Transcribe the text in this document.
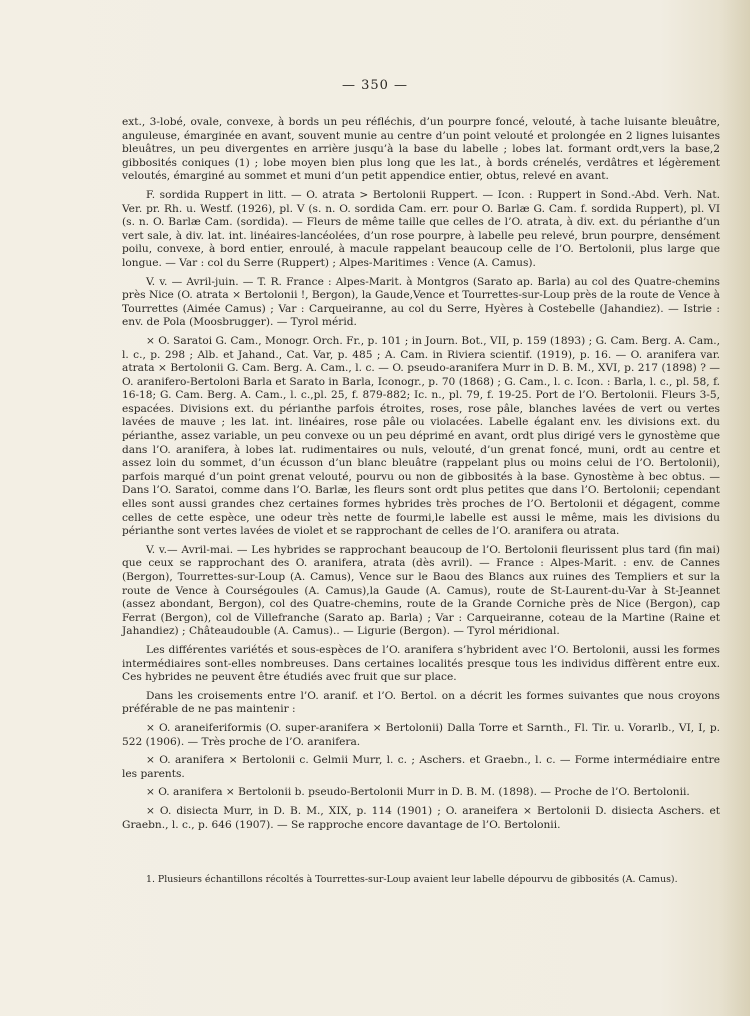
— 350 —

ext., 3-lobé, ovale, convexe, à bords un peu réfléchis, d’un pourpre foncé, velouté, à tache luisante bleuâtre, anguleuse, émarginée en avant, souvent munie au centre d’un point velouté et prolongée en 2 lignes luisantes bleuâtres, un peu divergentes en arrière jusqu’à la base du labelle ; lobes lat. formant ordt,vers la base,2 gibbosités coniques (1) ; lobe moyen bien plus long que les lat., à bords crénelés, verdâtres et légèrement veloutés, émarginé au sommet et muni d’un petit appendice entier, obtus, relevé en avant.

F. sordida Ruppert in litt. — O. atrata > Bertolonii Ruppert. — Icon. : Ruppert in Sond.-Abd. Verh. Nat. Ver. pr. Rh. u. Westf. (1926), pl. V (s. n. O. sordida Cam. err. pour O. Barlæ G. Cam. f. sordida Ruppert), pl. VI (s. n. O. Barlæ Cam. (sordida). — Fleurs de même taille que celles de l’O. atrata, à div. ext. du périanthe d’un vert sale, à div. lat. int. linéaires-lancéolées, d’un rose pourpre, à labelle peu relevé, brun pourpre, densément poilu, convexe, à bord entier, enroulé, à macule rappelant beaucoup celle de l’O. Bertolonii, plus large que longue. — Var : col du Serre (Ruppert) ; Alpes-Maritimes : Vence (A. Camus).

V. v. — Avril-juin. — T. R. France : Alpes-Marit. à Montgros (Sarato ap. Barla) au col des Quatre-chemins près Nice (O. atrata × Bertolonii !, Bergon), la Gaude,Vence et Tourrettes-sur-Loup près de la route de Vence à Tourrettes (Aimée Camus) ; Var : Carqueiranne, au col du Serre, Hyères à Costebelle (Jahandiez). — Istrie : env. de Pola (Moosbrugger). — Tyrol mérid.

× O. Saratoi G. Cam., Monogr. Orch. Fr., p. 101 ; in Journ. Bot., VII, p. 159 (1893) ; G. Cam. Berg. A. Cam., l. c., p. 298 ; Alb. et Jahand., Cat. Var, p. 485 ; A. Cam. in Riviera scientif. (1919), p. 16. — O. aranifera var. atrata × Bertolonii G. Cam. Berg. A. Cam., l. c. — O. pseudo-aranifera Murr in D. B. M., XVI, p. 217 (1898) ? — O. aranifero-Bertoloni Barla et Sarato in Barla, Iconogr., p. 70 (1868) ; G. Cam., l. c. Icon. : Barla, l. c., pl. 58, f. 16-18; G. Cam. Berg. A. Cam., l. c.,pl. 25, f. 879-882; Ic. n., pl. 79, f. 19-25. Port de l’O. Bertolonii. Fleurs 3-5, espacées. Divisions ext. du périanthe parfois étroites, roses, rose pâle, blanches lavées de vert ou vertes lavées de mauve ; les lat. int. linéaires, rose pâle ou violacées. Labelle égalant env. les divisions ext. du périanthe, assez variable, un peu convexe ou un peu déprimé en avant, ordt plus dirigé vers le gynostème que dans l’O. aranifera, à lobes lat. rudimentaires ou nuls, velouté, d’un grenat foncé, muni, ordt au centre et assez loin du sommet, d’un écusson d’un blanc bleuâtre (rappelant plus ou moins celui de l’O. Bertolonii), parfois marqué d’un point grenat velouté, pourvu ou non de gibbosités à la base. Gynostème à bec obtus. — Dans l’O. Saratoi, comme dans l’O. Barlæ, les fleurs sont ordt plus petites que dans l’O. Bertolonii; cependant elles sont aussi grandes chez certaines formes hybrides très proches de l’O. Bertolonii et dégagent, comme celles de cette espèce, une odeur très nette de fourmi,le labelle est aussi le même, mais les divisions du périanthe sont vertes lavées de violet et se rapprochant de celles de l’O. aranifera ou atrata.

V. v.— Avril-mai. — Les hybrides se rapprochant beaucoup de l’O. Bertolonii fleurissent plus tard (fin mai) que ceux se rapprochant des O. aranifera, atrata (dès avril). — France : Alpes-Marit. : env. de Cannes (Bergon), Tourrettes-sur-Loup (A. Camus), Vence sur le Baou des Blancs aux ruines des Templiers et sur la route de Vence à Courségoules (A. Camus),la Gaude (A. Camus), route de St-Laurent-du-Var à St-Jeannet (assez abondant, Bergon), col des Quatre-chemins, route de la Grande Corniche près de Nice (Bergon), cap Ferrat (Bergon), col de Villefranche (Sarato ap. Barla) ; Var : Carqueiranne, coteau de la Martine (Raine et Jahandiez) ; Châteaudouble (A. Camus).. — Ligurie (Bergon). — Tyrol méridional.

Les différentes variétés et sous-espèces de l’O. aranifera s’hybrident avec l’O. Bertolonii, aussi les formes intermédiaires sont-elles nombreuses. Dans certaines localités presque tous les individus diffèrent entre eux. Ces hybrides ne peuvent être étudiés avec fruit que sur place.

Dans les croisements entre l’O. aranif. et l’O. Bertol. on a décrit les formes suivantes que nous croyons préférable de ne pas maintenir :

× O. araneiferiformis (O. super-aranifera × Bertolonii) Dalla Torre et Sarnth., Fl. Tir. u. Vorarlb., VI, I, p. 522 (1906). — Très proche de l’O. aranifera.

× O. aranifera × Bertolonii c. Gelmii Murr, l. c. ; Aschers. et Graebn., l. c. — Forme intermédiaire entre les parents.

× O. aranifera × Bertolonii b. pseudo-Bertolonii Murr in D. B. M. (1898). — Proche de l’O. Bertolonii.

× O. disiecta Murr, in D. B. M., XIX, p. 114 (1901) ; O. araneifera × Bertolonii D. disiecta Aschers. et Graebn., l. c., p. 646 (1907). — Se rapproche encore davantage de l’O. Bertolonii.

1. Plusieurs échantillons récoltés à Tourrettes-sur-Loup avaient leur labelle dépourvu de gibbosités (A. Camus).
